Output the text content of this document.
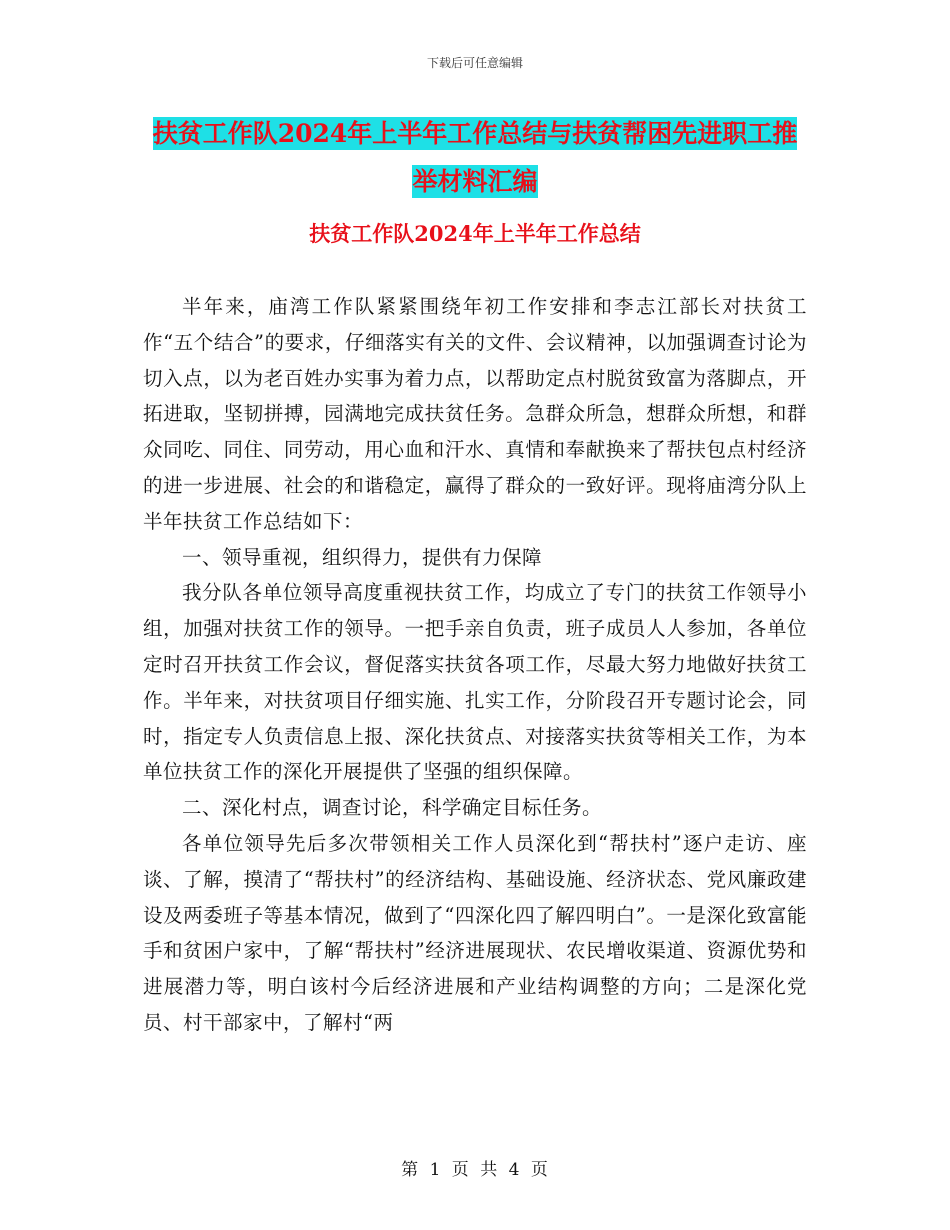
下载后可任意编辑
扶贫工作队2024年上半年工作总结与扶贫帮困先进职工推举材料汇编
扶贫工作队2024年上半年工作总结

半年来，庙湾工作队紧紧围绕年初工作安排和李志江部长对扶贫工作“五个结合”的要求，仔细落实有关的文件、会议精神，以加强调查讨论为切入点，以为老百姓办实事为着力点，以帮助定点村脱贫致富为落脚点，开拓进取，坚韧拼搏，园满地完成扶贫任务。急群众所急，想群众所想，和群众同吃、同住、同劳动，用心血和汗水、真情和奉献换来了帮扶包点村经济的进一步进展、社会的和谐稳定，赢得了群众的一致好评。现将庙湾分队上半年扶贫工作总结如下：

一、领导重视，组织得力，提供有力保障

我分队各单位领导高度重视扶贫工作，均成立了专门的扶贫工作领导小组，加强对扶贫工作的领导。一把手亲自负责，班子成员人人参加，各单位定时召开扶贫工作会议，督促落实扶贫各项工作，尽最大努力地做好扶贫工作。半年来，对扶贫项目仔细实施、扎实工作，分阶段召开专题讨论会，同时，指定专人负责信息上报、深化扶贫点、对接落实扶贫等相关工作，为本单位扶贫工作的深化开展提供了坚强的组织保障。

二、深化村点，调查讨论，科学确定目标任务。

各单位领导先后多次带领相关工作人员深化到“帮扶村”逐户走访、座谈、了解，摸清了“帮扶村”的经济结构、基础设施、经济状态、党风廉政建设及两委班子等基本情况，做到了“四深化四了解四明白”。一是深化致富能手和贫困户家中，了解“帮扶村”经济进展现状、农民增收渠道、资源优势和进展潜力等，明白该村今后经济进展和产业结构调整的方向；二是深化党员、村干部家中，了解村“两

第 1 页 共 4 页
